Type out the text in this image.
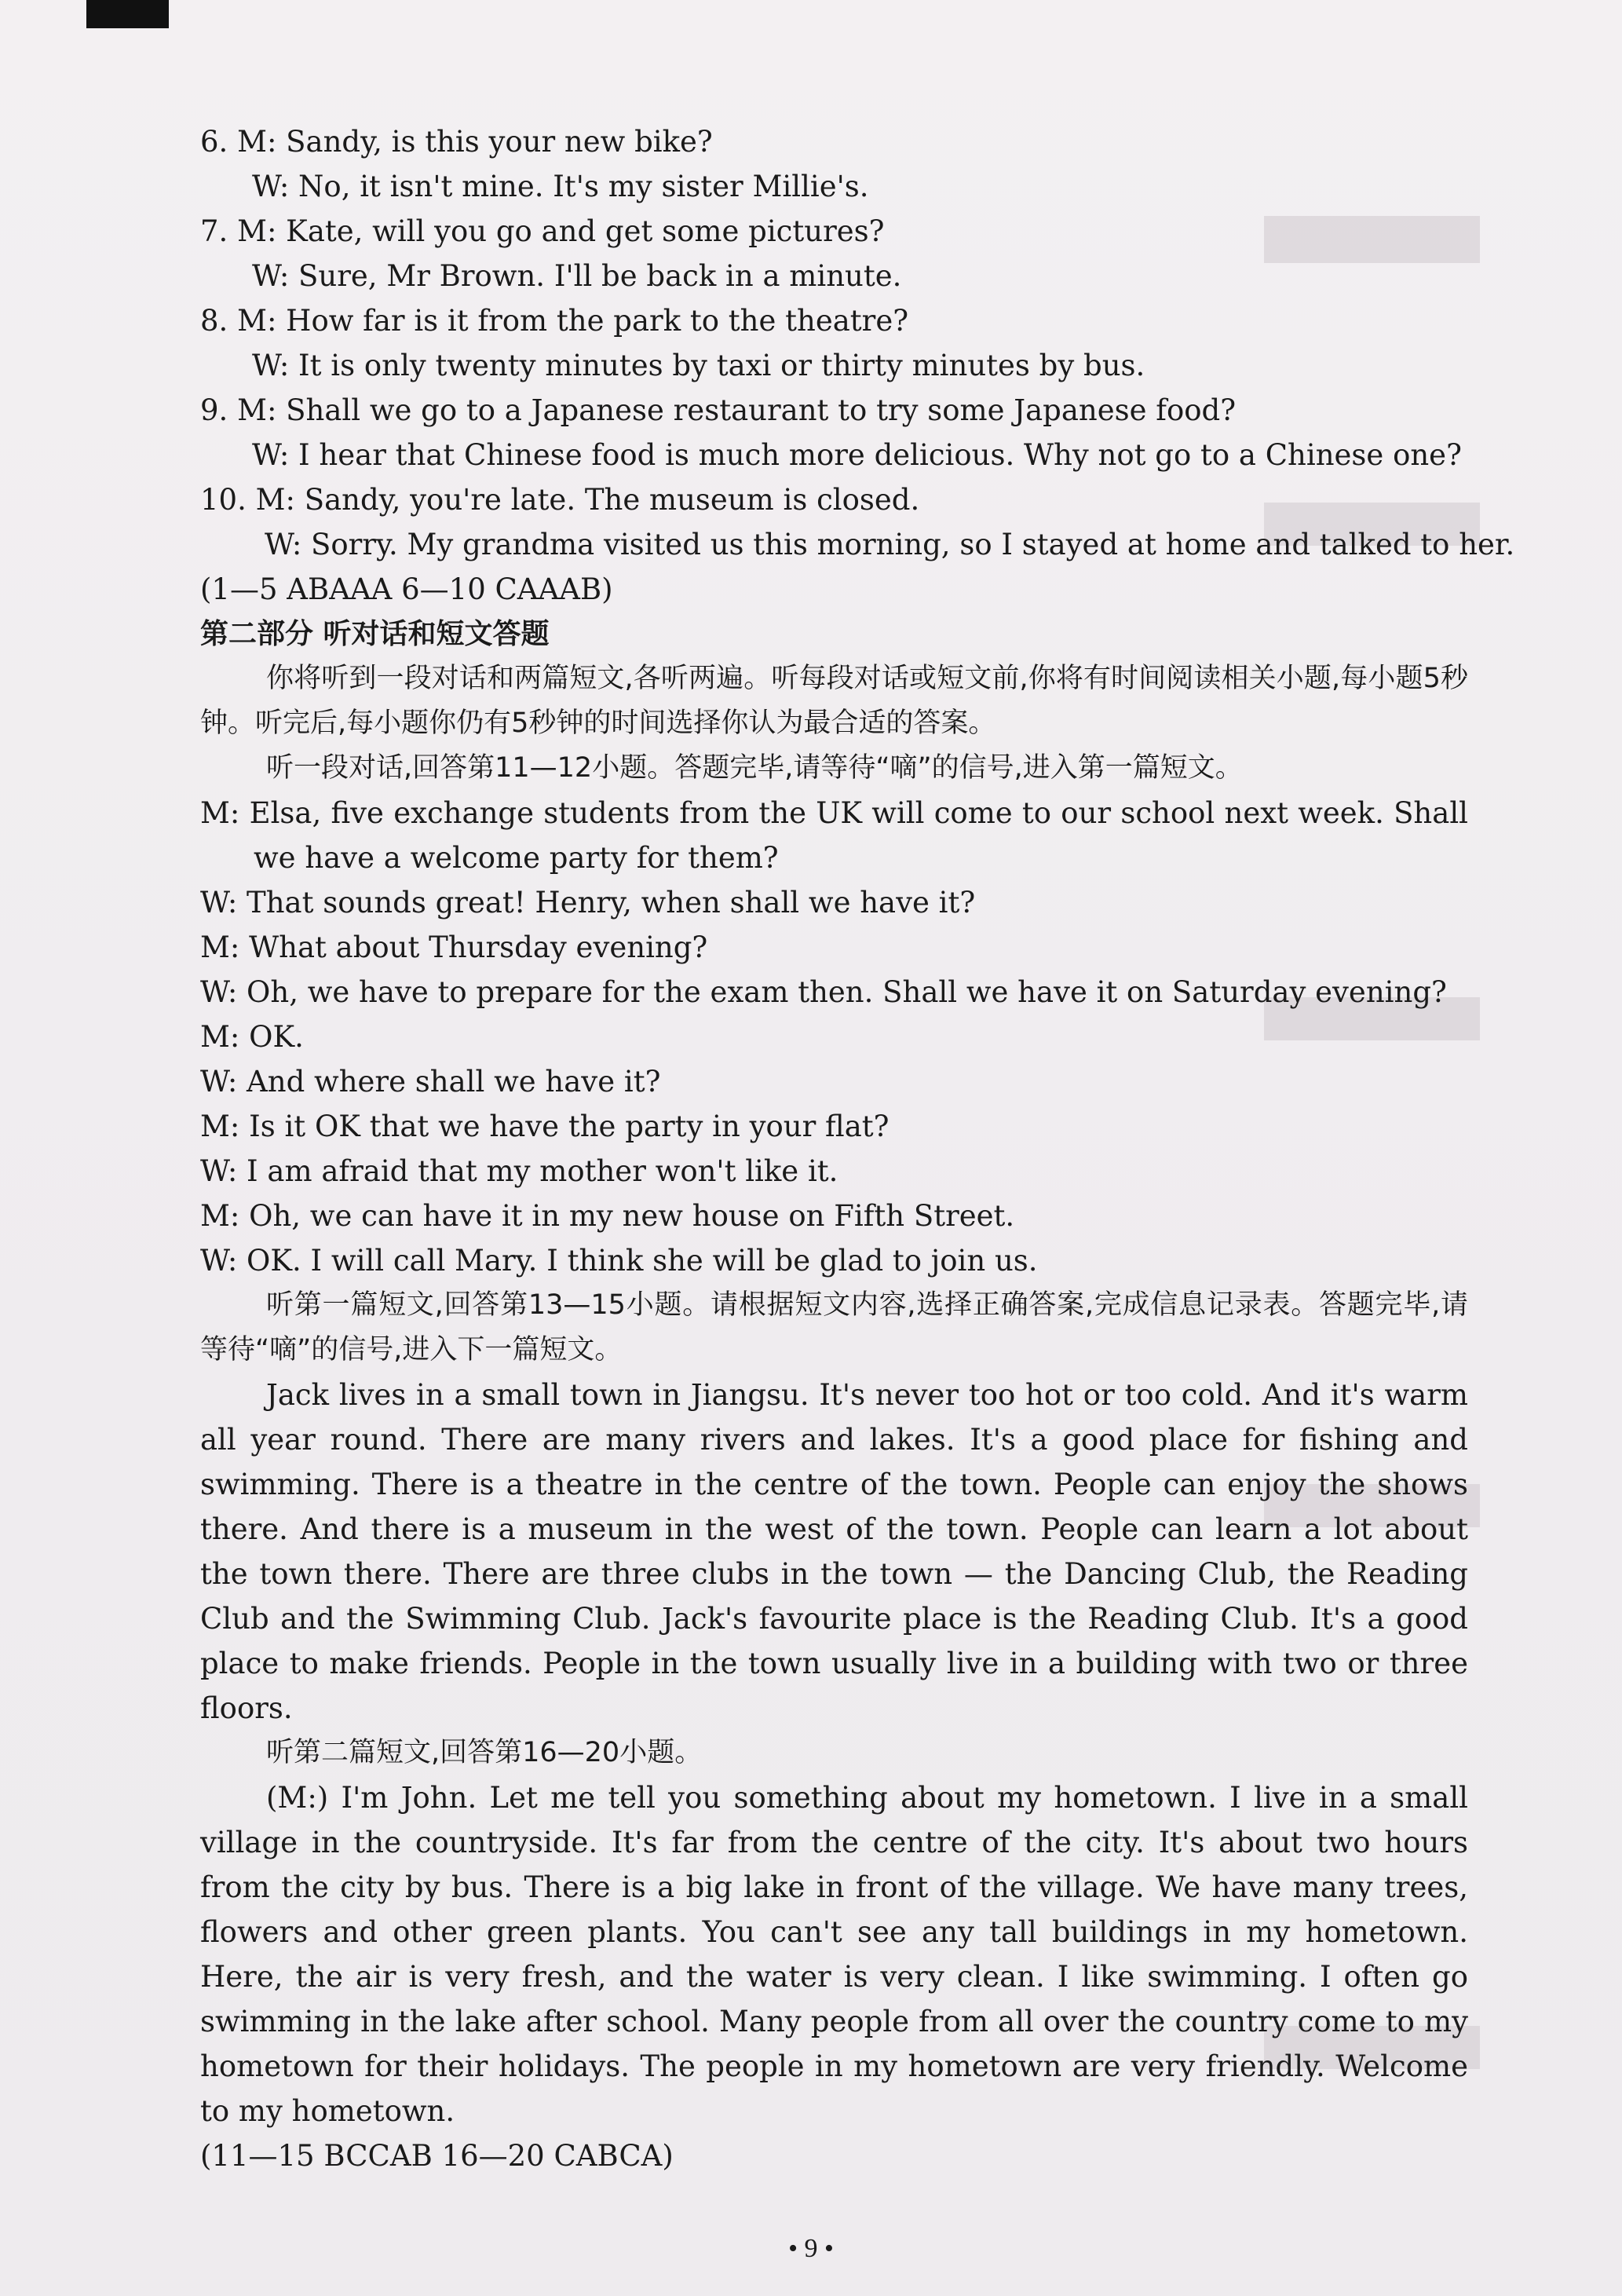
6. M: Sandy, is this your new bike?
W: No, it isn't mine. It's my sister Millie's.
7. M: Kate, will you go and get some pictures?
W: Sure, Mr Brown. I'll be back in a minute.
8. M: How far is it from the park to the theatre?
W: It is only twenty minutes by taxi or thirty minutes by bus.
9. M: Shall we go to a Japanese restaurant to try some Japanese food?
W: I hear that Chinese food is much more delicious. Why not go to a Chinese one?
10. M: Sandy, you're late. The museum is closed.
W: Sorry. My grandma visited us this morning, so I stayed at home and talked to her.
(1—5 ABAAA 6—10 CAAAB)
第二部分 听对话和短文答题
你将听到一段对话和两篇短文,各听两遍。听每段对话或短文前,你将有时间阅读相关小题,每小题5秒钟。听完后,每小题你仍有5秒钟的时间选择你认为最合适的答案。
听一段对话,回答第11—12小题。答题完毕,请等待“嘀”的信号,进入第一篇短文。
M: Elsa, five exchange students from the UK will come to our school next week. Shall we have a welcome party for them?
W: That sounds great! Henry, when shall we have it?
M: What about Thursday evening?
W: Oh, we have to prepare for the exam then. Shall we have it on Saturday evening?
M: OK.
W: And where shall we have it?
M: Is it OK that we have the party in your flat?
W: I am afraid that my mother won't like it.
M: Oh, we can have it in my new house on Fifth Street.
W: OK. I will call Mary. I think she will be glad to join us.
听第一篇短文,回答第13—15小题。请根据短文内容,选择正确答案,完成信息记录表。答题完毕,请等待“嘀”的信号,进入下一篇短文。
Jack lives in a small town in Jiangsu. It's never too hot or too cold. And it's warm all year round. There are many rivers and lakes. It's a good place for fishing and swimming. There is a theatre in the centre of the town. People can enjoy the shows there. And there is a museum in the west of the town. People can learn a lot about the town there. There are three clubs in the town — the Dancing Club, the Reading Club and the Swimming Club. Jack's favourite place is the Reading Club. It's a good place to make friends. People in the town usually live in a building with two or three floors.
听第二篇短文,回答第16—20小题。
(M:) I'm John. Let me tell you something about my hometown. I live in a small village in the countryside. It's far from the centre of the city. It's about two hours from the city by bus. There is a big lake in front of the village. We have many trees, flowers and other green plants. You can't see any tall buildings in my hometown. Here, the air is very fresh, and the water is very clean. I like swimming. I often go swimming in the lake after school. Many people from all over the country come to my hometown for their holidays. The people in my hometown are very friendly. Welcome to my hometown.
(11—15 BCCAB 16—20 CABCA)
• 9 •
